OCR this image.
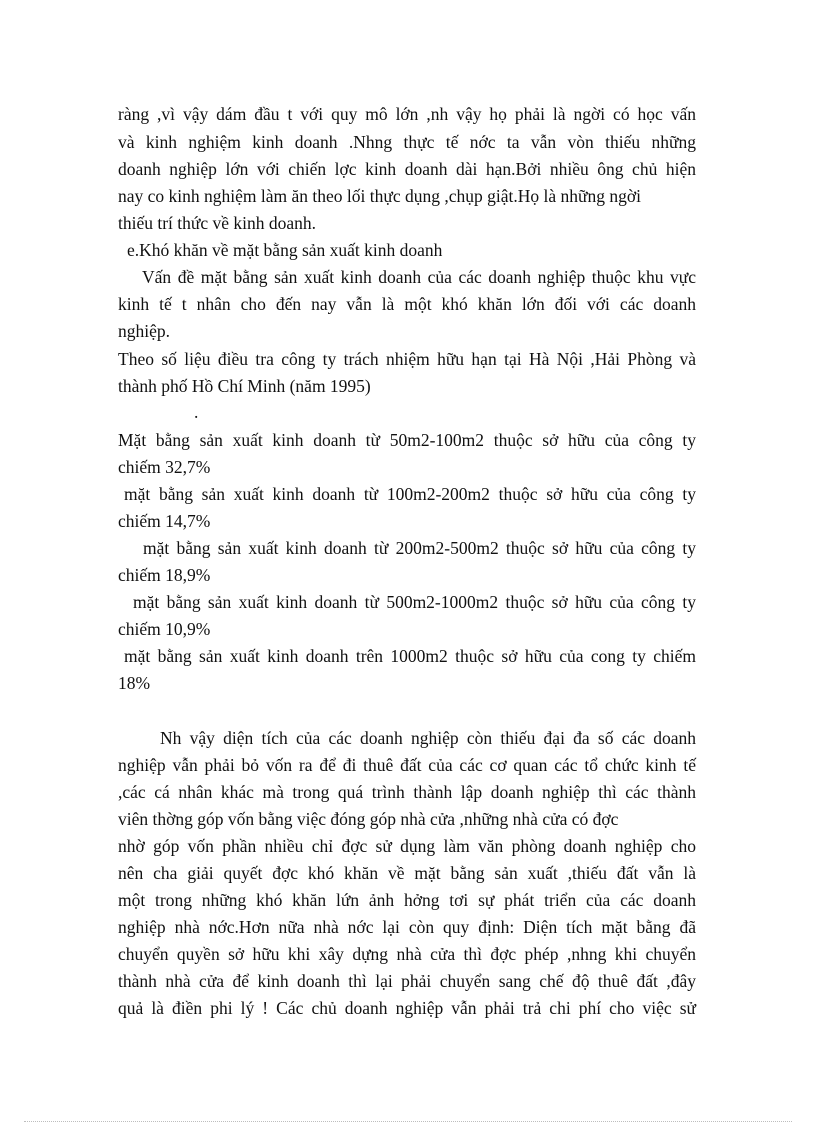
ràng ,vì vậy dám đầu t với quy mô lớn ,nh vậy họ phải là ngời có học vấn
và kinh nghiệm kinh doanh .Nhng thực tế nớc ta vẫn vòn thiếu những
doanh nghiệp lớn với chiến lợc kinh doanh dài hạn.Bởi nhiều ông chủ hiện
nay co kinh nghiệm làm ăn theo lối thực dụng ,chụp giật.Họ là những ngời
thiếu trí thức về kinh doanh.
e.Khó khăn về mặt bằng sản xuất kinh doanh
Vấn đề mặt bằng sản xuất kinh doanh của các doanh nghiệp thuộc khu vực
kinh tế t nhân cho đến nay vẫn là một khó khăn lớn đối với các doanh
nghiệp.
Theo số liệu điều tra công ty trách nhiệm hữu hạn tại Hà Nội ,Hải Phòng và
thành phố Hồ Chí Minh (năm 1995)
.
Mặt bằng sản xuất kinh doanh từ 50m2-100m2 thuộc sở hữu của công ty
chiếm 32,7%
mặt bằng sản xuất kinh doanh từ 100m2-200m2 thuộc sở hữu của công ty
chiếm 14,7%
mặt bằng sản xuất kinh doanh từ 200m2-500m2 thuộc sở hữu của công ty
chiếm 18,9%
mặt bằng sản xuất kinh doanh từ 500m2-1000m2 thuộc sở hữu của công ty
chiếm 10,9%
mặt bằng sản xuất kinh doanh trên 1000m2 thuộc sở hữu của cong ty chiếm
18%
Nh vậy diện tích của các doanh nghiệp còn thiếu đại đa số các doanh
nghiệp vẫn phải bỏ vốn ra để đi thuê đất của các cơ quan các tổ chức kinh tế
,các cá nhân khác mà trong quá trình thành lập doanh nghiệp thì các thành
viên thờng góp vốn bằng việc đóng góp nhà cửa ,những nhà cửa có đợc
nhờ góp vốn phần nhiều chỉ đợc sử dụng làm văn phòng doanh nghiệp cho
nên cha giải quyết đợc khó khăn về mặt bằng sản xuất ,thiếu đất vẫn là
một trong những khó khăn lứn ảnh hởng tơi sự phát triển của các doanh
nghiệp nhà nớc.Hơn nữa nhà nớc lại còn quy định: Diện tích mặt bằng đã
chuyển quyền sở hữu khi xây dựng nhà cửa thì đợc phép ,nhng khi chuyển
thành nhà cửa để kinh doanh thì lại phải chuyển sang chế độ thuê đất ,đây
quả là điền phi lý ! Các chủ doanh nghiệp vẫn phải trả chi phí cho việc sử
